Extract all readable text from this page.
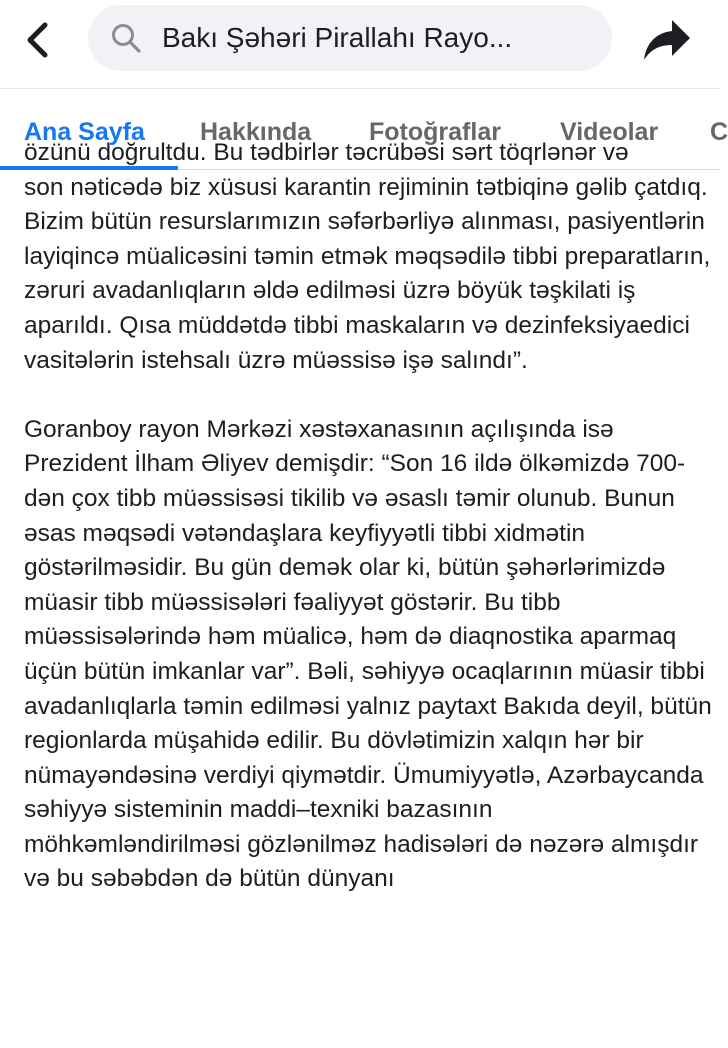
Bakı Şəhəri Pirallahı Rayo...
Ana Sayfa Hakkında Fotoğraflar Videolar C

özünü doğrultdu. Bu tədbirlər təcrübəsi sərt töqrlənər və

son nəticədə biz xüsusi karantin rejiminin tətbiqinə gəlib çatdıq. Bizim bütün resurslarımızın səfərbərliyə alınması, pasiyentlərin layiqincə müalicəsini təmin etmək məqsədilə tibbi preparatların, zəruri avadanlıqların əldə edilməsi üzrə böyük təşkilati iş aparıldı. Qısa müddətdə tibbi maskaların və dezinfeksiyaedici vasitələrin istehsalı üzrə müəssisə işə salındı”.

Goranboy rayon Mərkəzi xəstəxanasının açılışında isə Prezident İlham Əliyev demişdir: “Son 16 ildə ölkəmizdə 700-dən çox tibb müəssisəsi tikilib və əsaslı təmir olunub. Bunun əsas məqsədi vətəndaşlara keyfiyyətli tibbi xidmətin göstərilməsidir. Bu gün demək olar ki, bütün şəhərlərimizdə müasir tibb müəssisələri fəaliyyət göstərir. Bu tibb müəssisələrində həm müalicə, həm də diaqnostika aparmaq üçün bütün imkanlar var”. Bəli, səhiyyə ocaqlarının müasir tibbi avadanlıqlarla təmin edilməsi yalnız paytaxt Bakıda deyil, bütün regionlarda müşahidə edilir. Bu dövlətimizin xalqın hər bir nümayəndəsinə verdiyi qiymətdir. Ümumiyyətlə, Azərbaycanda səhiyyə sisteminin maddi–texniki bazasının möhkəmləndirilməsi gözlənilməz hadisələri də nəzərə almışdır və bu səbəbdən də bütün dünyanı
